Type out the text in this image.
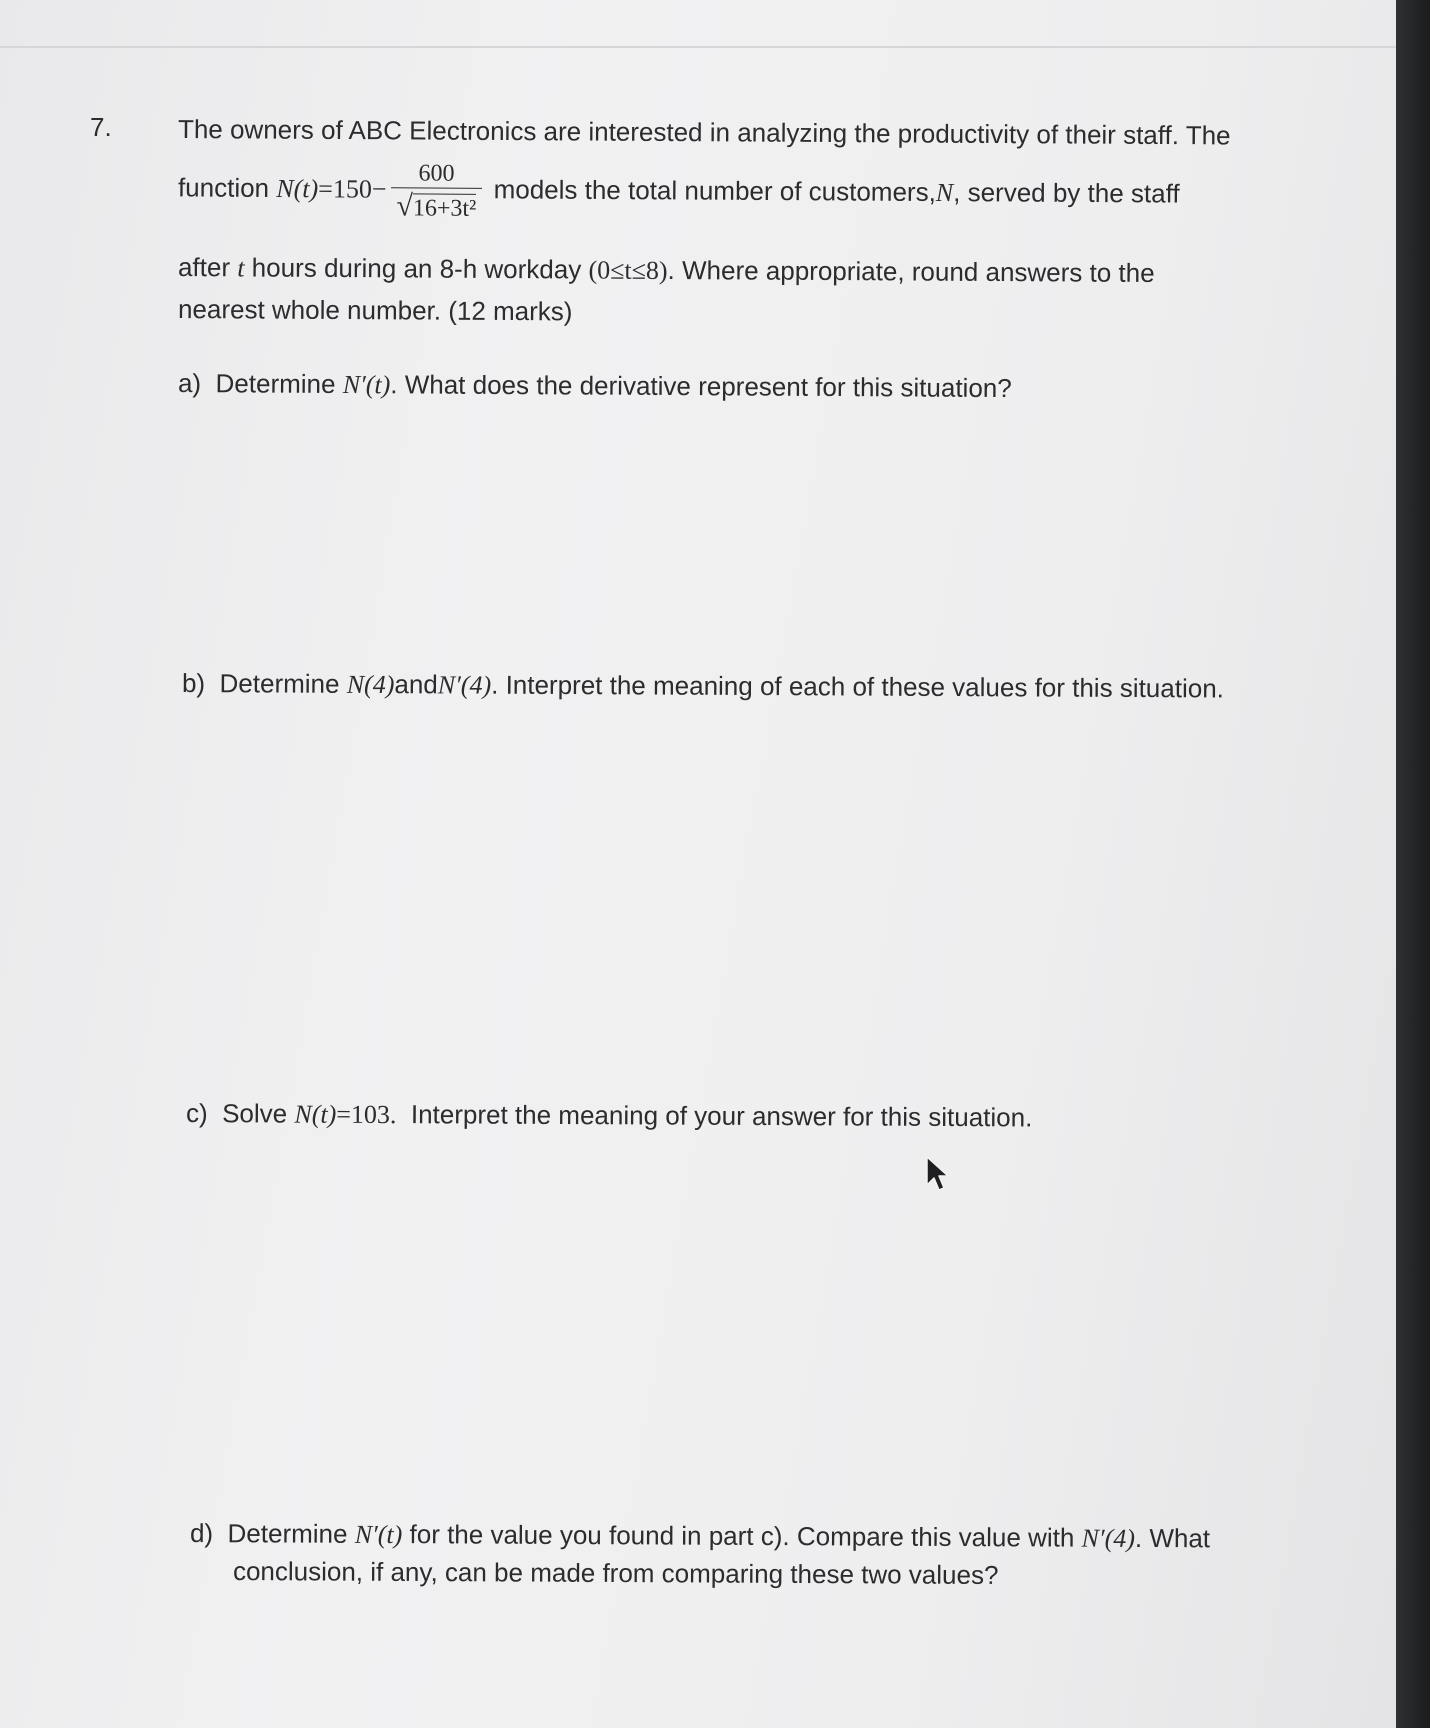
7.	The owners of ABC Electronics are interested in analyzing the productivity of their staff. The
function $N(t)=150- \frac{600}{\text{√16+3t²}}$ models the total number of customers,N, served by the staff
after t hours during an 8-h workday (0≤t≤8). Where appropriate, round answers to the
nearest whole number. (12 marks)
a) Determine N′(t). What does the derivative represent for this situation?
b) Determine N(4)andN′(4). Interpret the meaning of each of these values for this situation.
c) Solve N(t)=103. Interpret the meaning of your answer for this situation.
d) Determine N′(t) for the value you found in part c). Compare this value with N′(4). What
conclusion, if any, can be made from comparing these two values?
